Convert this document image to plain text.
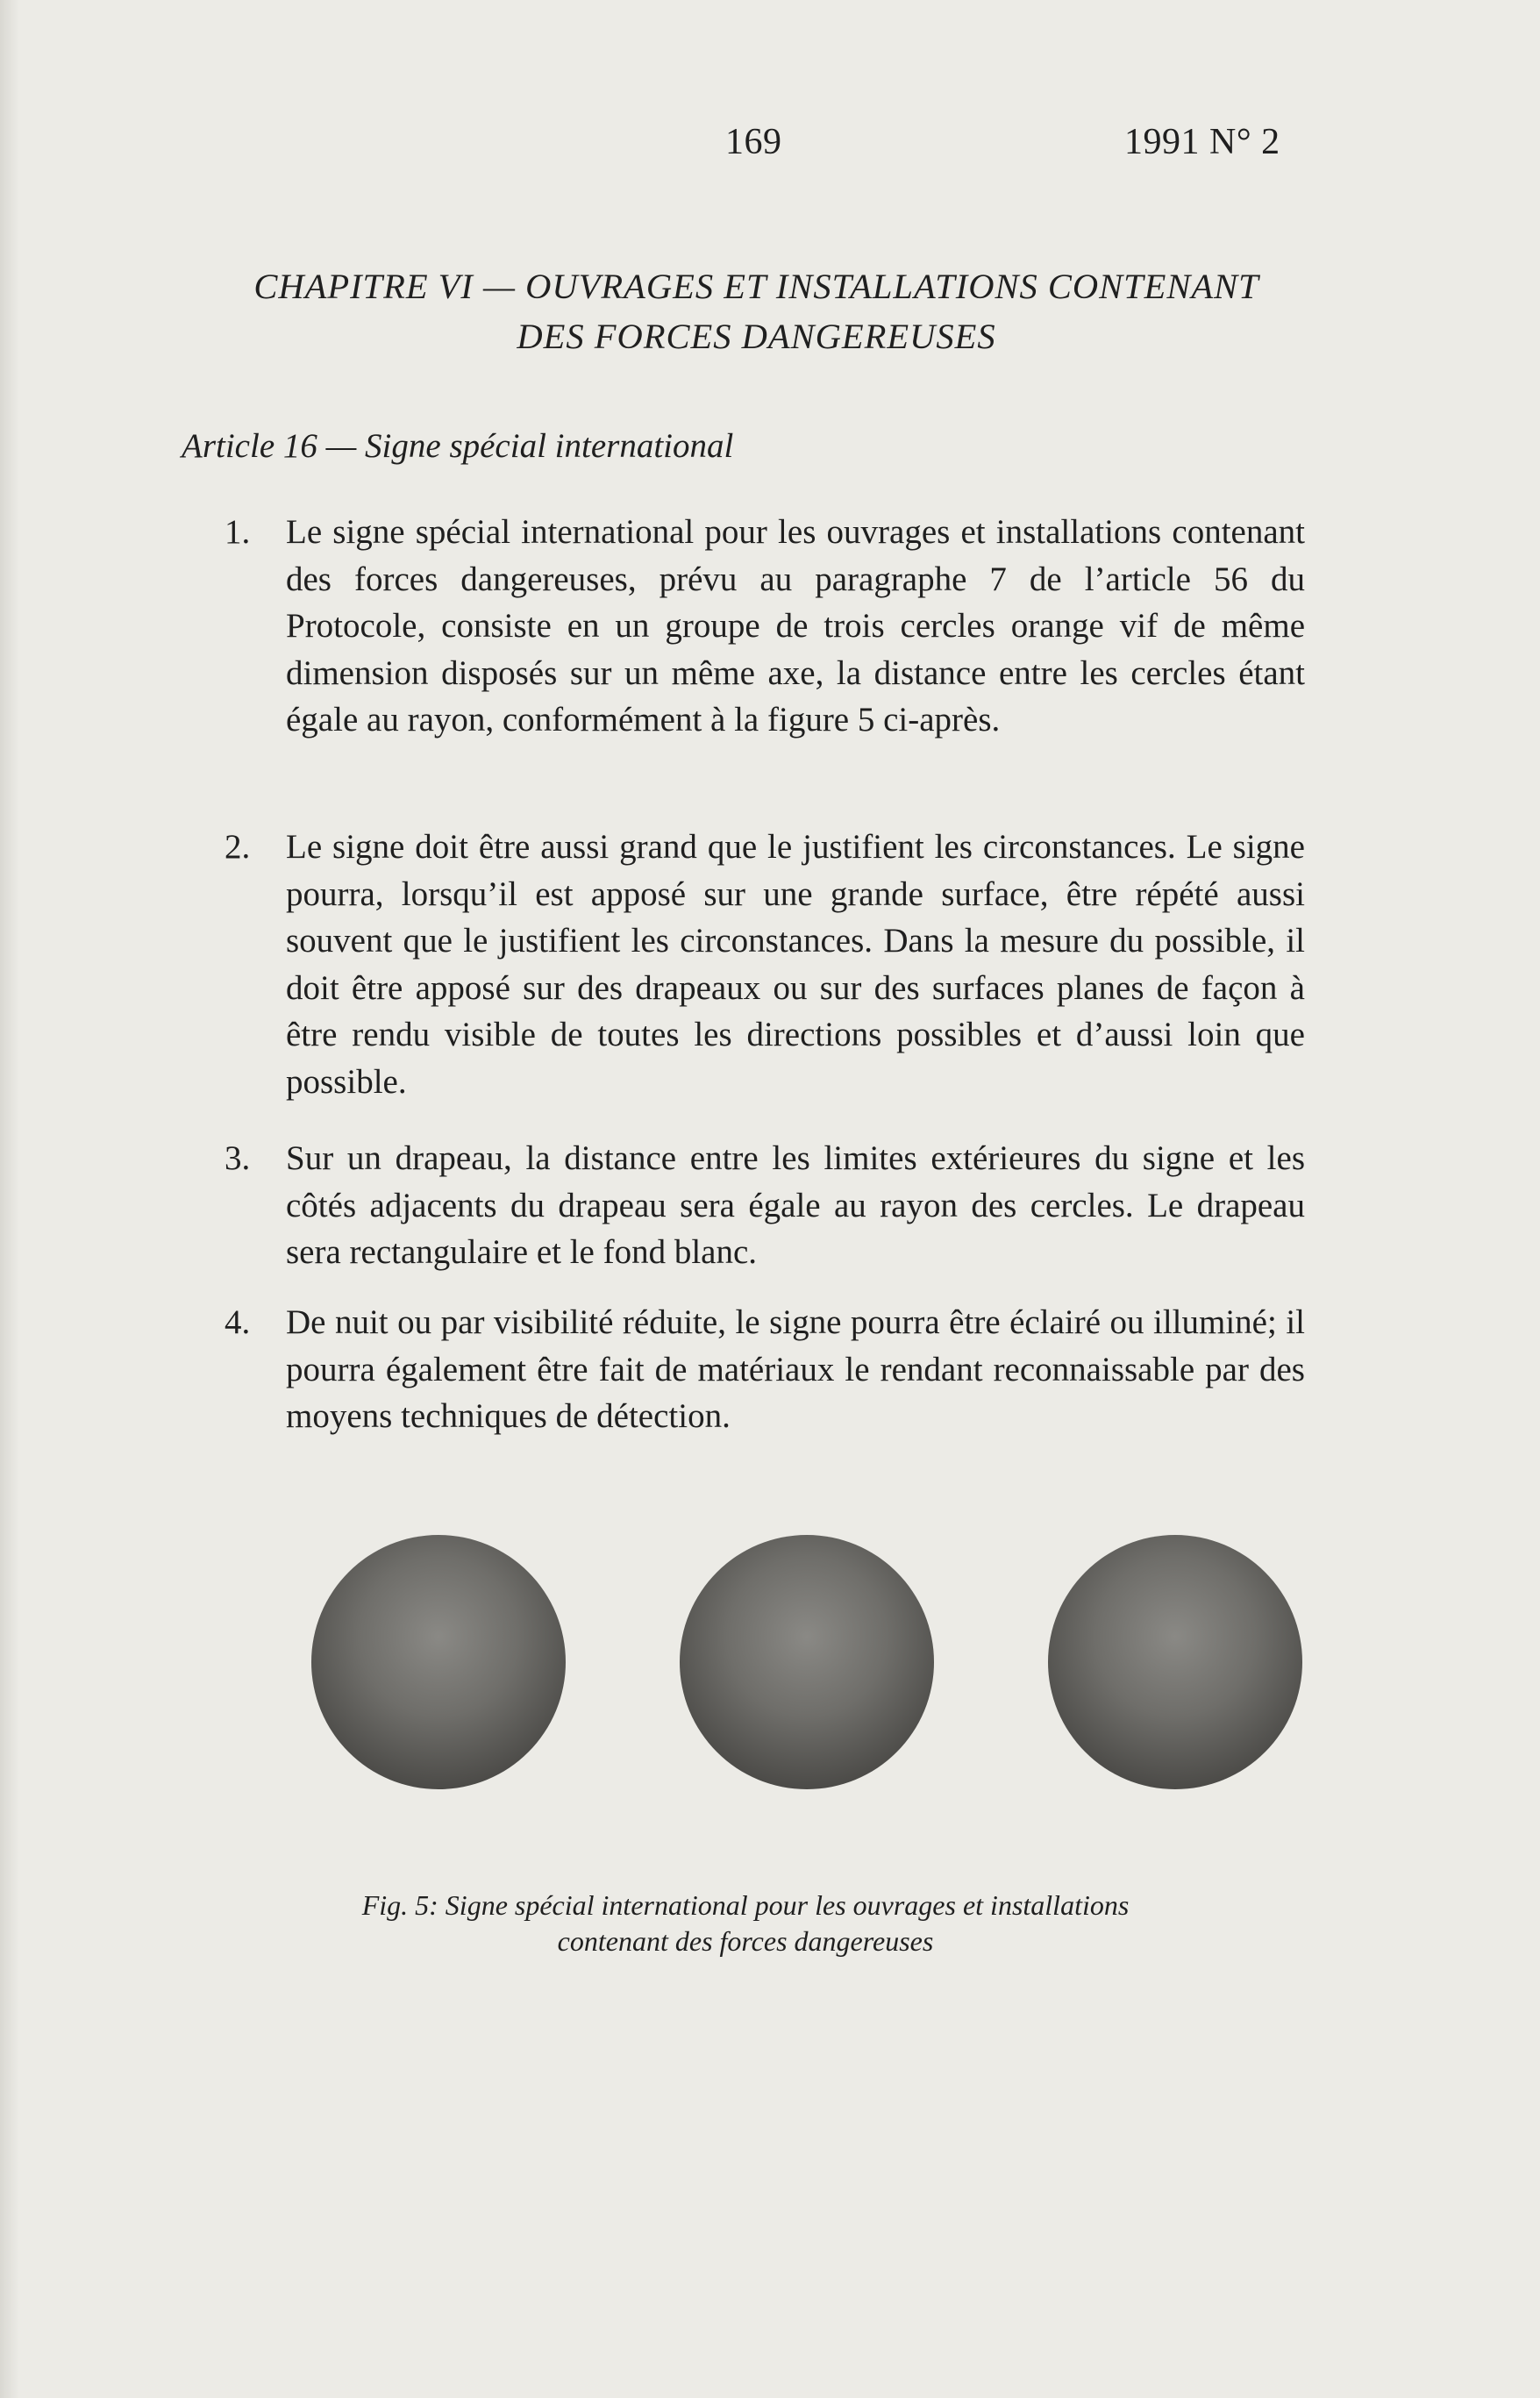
169	1991 N° 2
CHAPITRE VI — OUVRAGES ET INSTALLATIONS CONTENANT
DES FORCES DANGEREUSES
Article 16 — Signe spécial international

1. Le signe spécial international pour les ouvrages et installations contenant des forces dangereuses, prévu au paragraphe 7 de l’article 56 du Protocole, consiste en un groupe de trois cercles orange vif de même dimension disposés sur un même axe, la distance entre les cercles étant égale au rayon, conformément à la figure 5 ci-après.

2. Le signe doit être aussi grand que le justifient les circonstances. Le signe pourra, lorsqu’il est apposé sur une grande surface, être répété aussi souvent que le justifient les circonstances. Dans la mesure du possible, il doit être apposé sur des drapeaux ou sur des surfaces planes de façon à être rendu visible de toutes les directions possibles et d’aussi loin que possible.

3. Sur un drapeau, la distance entre les limites extérieures du signe et les côtés adjacents du drapeau sera égale au rayon des cercles. Le drapeau sera rectangulaire et le fond blanc.

4. De nuit ou par visibilité réduite, le signe pourra être éclairé ou illuminé; il pourra également être fait de matériaux le rendant reconnaissable par des moyens techniques de détection.

Fig. 5: Signe spécial international pour les ouvrages et installations
contenant des forces dangereuses
